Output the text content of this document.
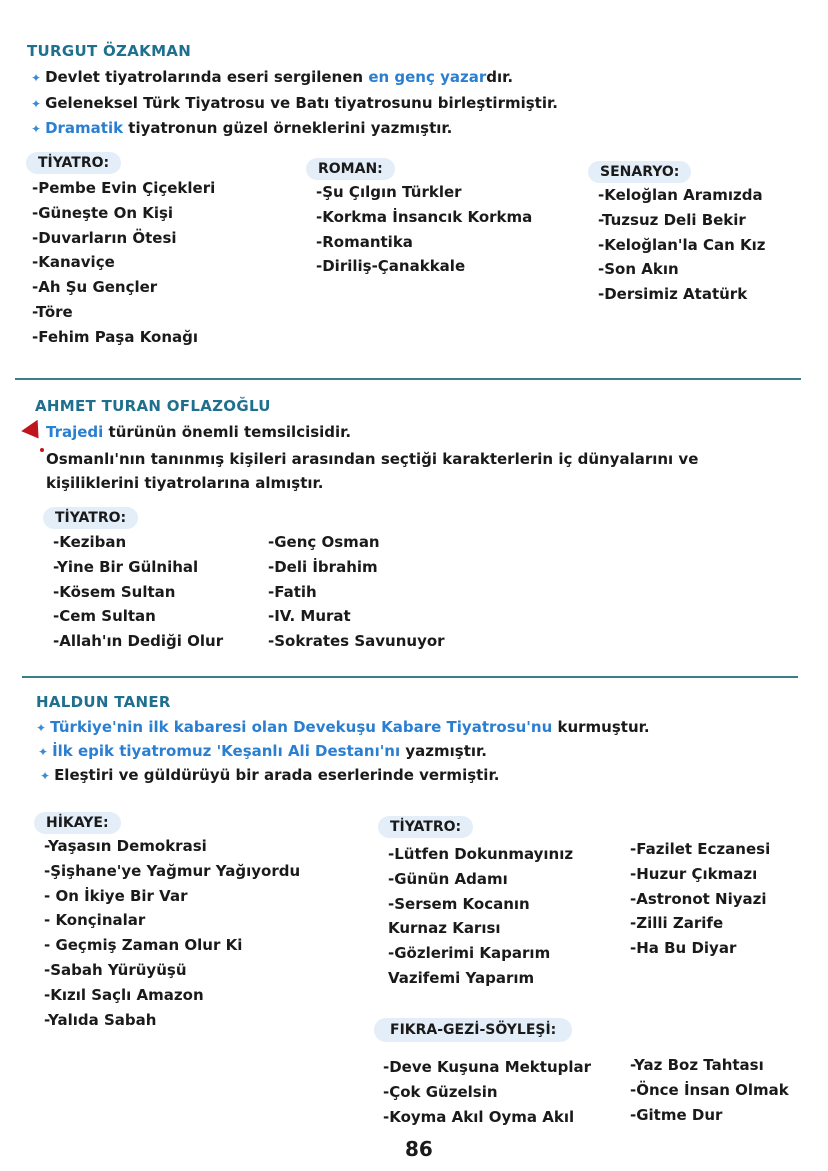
TURGUT ÖZAKMAN
✦ Devlet tiyatrolarında eseri sergilenen en genç yazardır.
✦ Geleneksel Türk Tiyatrosu ve Batı tiyatrosunu birleştirmiştir.
✦ Dramatik tiyatronun güzel örneklerini yazmıştır.
TİYATRO:
-Pembe Evin Çiçekleri
-Güneşte On Kişi
-Duvarların Ötesi
-Kanaviçe
-Ah Şu Gençler
-Töre
-Fehim Paşa Konağı
ROMAN:
-Şu Çılgın Türkler
-Korkma İnsancık Korkma
-Romantika
-Diriliş-Çanakkale
SENARYO:
-Keloğlan Aramızda
-Tuzsuz Deli Bekir
-Keloğlan'la Can Kız
-Son Akın
-Dersimiz Atatürk
AHMET TURAN OFLAZOĞLU
Trajedi türünün önemli temsilcisidir.
Osmanlı'nın tanınmış kişileri arasından seçtiği karakterlerin iç dünyalarını ve
kişiliklerini tiyatrolarına almıştır.
TİYATRO:
-Keziban
-Yine Bir Gülnihal
-Kösem Sultan
-Cem Sultan
-Allah'ın Dediği Olur
-Genç Osman
-Deli İbrahim
-Fatih
-IV. Murat
-Sokrates Savunuyor
HALDUN TANER
✦ Türkiye'nin ilk kabaresi olan Devekuşu Kabare Tiyatrosu'nu kurmuştur.
✦ İlk epik tiyatromuz 'Keşanlı Ali Destanı'nı yazmıştır.
✦ Eleştiri ve güldürüyü bir arada eserlerinde vermiştir.
HİKAYE:
-Yaşasın Demokrasi
-Şişhane'ye Yağmur Yağıyordu
- On İkiye Bir Var
- Konçinalar
- Geçmiş Zaman Olur Ki
-Sabah Yürüyüşü
-Kızıl Saçlı Amazon
-Yalıda Sabah
TİYATRO:
-Lütfen Dokunmayınız
-Günün Adamı
-Sersem Kocanın
Kurnaz Karısı
-Gözlerimi Kaparım
Vazifemi Yaparım
-Fazilet Eczanesi
-Huzur Çıkmazı
-Astronot Niyazi
-Zilli Zarife
-Ha Bu Diyar
FIKRA-GEZİ-SÖYLEŞİ:
-Deve Kuşuna Mektuplar
-Çok Güzelsin
-Koyma Akıl Oyma Akıl
-Yaz Boz Tahtası
-Önce İnsan Olmak
-Gitme Dur
86
